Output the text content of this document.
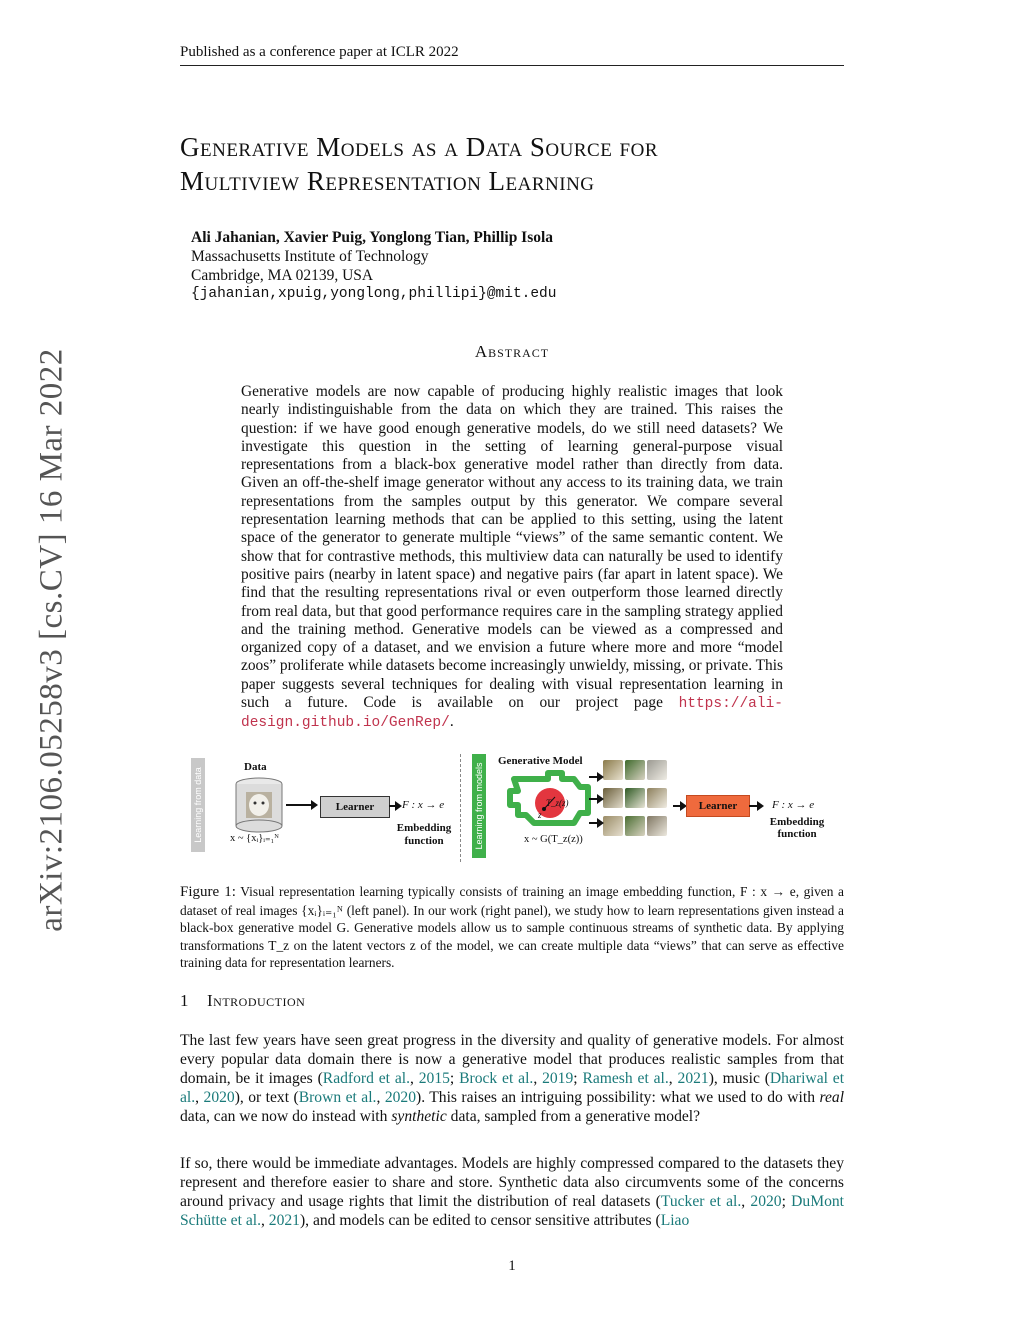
Published as a conference paper at ICLR 2022
arXiv:2106.05258v3 [cs.CV] 16 Mar 2022
Generative Models as a Data Source for
Multiview Representation Learning
Ali Jahanian, Xavier Puig, Yonglong Tian, Phillip Isola
Massachusetts Institute of Technology
Cambridge, MA 02139, USA
{jahanian,xpuig,yonglong,phillipi}@mit.edu
Abstract
Generative models are now capable of producing highly realistic images that look nearly indistinguishable from the data on which they are trained. This raises the question: if we have good enough generative models, do we still need datasets? We investigate this question in the setting of learning general-purpose visual representations from a black-box generative model rather than directly from data. Given an off-the-shelf image generator without any access to its training data, we train representations from the samples output by this generator. We compare several representation learning methods that can be applied to this setting, using the latent space of the generator to generate multiple “views” of the same semantic content. We show that for contrastive methods, this multiview data can naturally be used to identify positive pairs (nearby in latent space) and negative pairs (far apart in latent space). We find that the resulting representations rival or even outperform those learned directly from real data, but that good performance requires care in the sampling strategy applied and the training method. Generative models can be viewed as a compressed and organized copy of a dataset, and we envision a future where more and more “model zoos” proliferate while datasets become increasingly unwieldy, missing, or private. This paper suggests several techniques for dealing with visual representation learning in such a future. Code is available on our project page https://ali-design.github.io/GenRep/.
Learning from data
Data
x ~ {xᵢ}ᵢ₌₁ᴺ
Learner	F : x → e
Embedding
function	Learning from models
Generative Model
T_z(z)
z
x ~ G(T_z(z))
Learner	F : x → e
Embedding
function
Figure 1: Visual representation learning typically consists of training an image embedding function, F : x → e, given a dataset of real images {xᵢ}ᵢ₌₁ᴺ (left panel). In our work (right panel), we study how to learn representations given instead a black-box generative model G. Generative models allow us to sample continuous streams of synthetic data. By applying transformations T_z on the latent vectors z of the model, we can create multiple data “views” that can serve as effective training data for representation learners.
1 Introduction
The last few years have seen great progress in the diversity and quality of generative models. For almost every popular data domain there is now a generative model that produces realistic samples from that domain, be it images (Radford et al., 2015; Brock et al., 2019; Ramesh et al., 2021), music (Dhariwal et al., 2020), or text (Brown et al., 2020). This raises an intriguing possibility: what we used to do with real data, can we now do instead with synthetic data, sampled from a generative model?
If so, there would be immediate advantages. Models are highly compressed compared to the datasets they represent and therefore easier to share and store. Synthetic data also circumvents some of the concerns around privacy and usage rights that limit the distribution of real datasets (Tucker et al., 2020; DuMont Schütte et al., 2021), and models can be edited to censor sensitive attributes (Liao
1
